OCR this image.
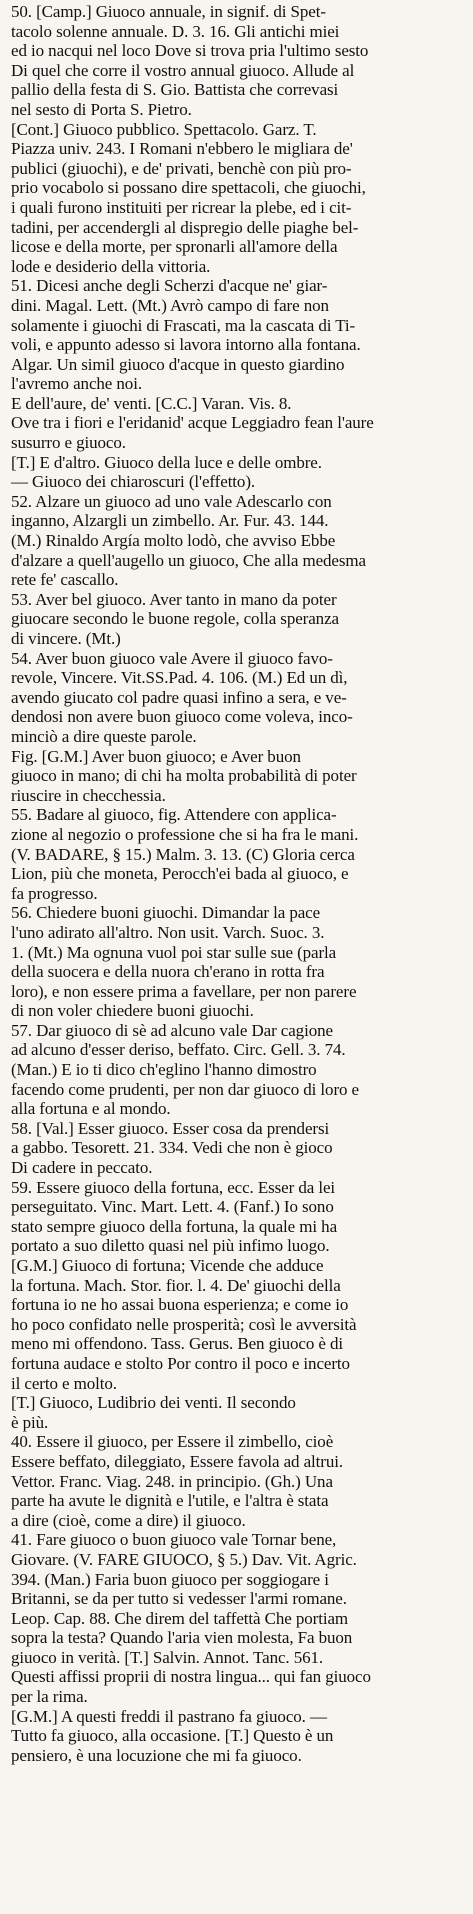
50. [Camp.] Giuoco annuale, in signif. di Spet-
tacolo solenne annuale. D. 3. 16. Gli antichi miei
ed io nacqui nel loco Dove si trova pria l'ultimo sesto
Di quel che corre il vostro annual giuoco. Allude al
pallio della festa di S. Gio. Battista che correvasi
nel sesto di Porta S. Pietro.
[Cont.] Giuoco pubblico. Spettacolo. Garz. T.
Piazza univ. 243. I Romani n'ebbero le migliara de'
publici (giuochi), e de' privati, benchè con più pro-
prio vocabolo si possano dire spettacoli, che giuochi,
i quali furono instituiti per ricrear la plebe, ed i cit-
tadini, per accendergli al dispregio delle piaghe bel-
licose e della morte, per spronarli all'amore della
lode e desiderio della vittoria.
51. Dicesi anche degli Scherzi d'acque ne' giar-
dini. Magal. Lett. (Mt.) Avrò campo di fare non
solamente i giuochi di Frascati, ma la cascata di Ti-
voli, e appunto adesso si lavora intorno alla fontana.
Algar. Un simil giuoco d'acque in questo giardino
l'avremo anche noi.
E dell'aure, de' venti. [C.C.] Varan. Vis. 8.
Ove tra i fiori e l'eridanid' acque Leggiadro fean l'aure
susurro e giuoco.
[T.] E d'altro. Giuoco della luce e delle ombre.
— Giuoco dei chiaroscuri (l'effetto).
52. Alzare un giuoco ad uno vale Adescarlo con
inganno, Alzargli un zimbello. Ar. Fur. 43. 144.
(M.) Rinaldo Argía molto lodò, che avviso Ebbe
d'alzare a quell'augello un giuoco, Che alla medesma
rete fe' cascallo.
53. Aver bel giuoco. Aver tanto in mano da poter
giuocare secondo le buone regole, colla speranza
di vincere. (Mt.)
54. Aver buon giuoco vale Avere il giuoco favo-
revole, Vincere. Vit.SS.Pad. 4. 106. (M.) Ed un dì,
avendo giucato col padre quasi infino a sera, e ve-
dendosi non avere buon giuoco come voleva, inco-
minciò a dire queste parole.
Fig. [G.M.] Aver buon giuoco; e Aver buon
giuoco in mano; di chi ha molta probabilità di poter
riuscire in checchessia.
55. Badare al giuoco, fig. Attendere con applica-
zione al negozio o professione che si ha fra le mani.
(V. BADARE, § 15.) Malm. 3. 13. (C) Gloria cerca
Lion, più che moneta, Perocch'ei bada al giuoco, e
fa progresso.
56. Chiedere buoni giuochi. Dimandar la pace
l'uno adirato all'altro. Non usit. Varch. Suoc. 3.
1. (Mt.) Ma ognuna vuol poi star sulle sue (parla
della suocera e della nuora ch'erano in rotta fra
loro), e non essere prima a favellare, per non parere
di non voler chiedere buoni giuochi.
57. Dar giuoco di sè ad alcuno vale Dar cagione
ad alcuno d'esser deriso, beffato. Circ. Gell. 3. 74.
(Man.) E io ti dico ch'eglino l'hanno dimostro
facendo come prudenti, per non dar giuoco di loro e
alla fortuna e al mondo.
58. [Val.] Esser giuoco. Esser cosa da prendersi
a gabbo. Tesorett. 21. 334. Vedi che non è gioco
Di cadere in peccato.
59. Essere giuoco della fortuna, ecc. Esser da lei
perseguitato. Vinc. Mart. Lett. 4. (Fanf.) Io sono
stato sempre giuoco della fortuna, la quale mi ha
portato a suo diletto quasi nel più infimo luogo.
[G.M.] Giuoco di fortuna; Vicende che adduce
la fortuna. Mach. Stor. fior. l. 4. De' giuochi della
fortuna io ne ho assai buona esperienza; e come io
ho poco confidato nelle prosperità; così le avversità
meno mi offendono. Tass. Gerus. Ben giuoco è di
fortuna audace e stolto Por contro il poco e incerto
il certo e molto.
[T.] Giuoco, Ludibrio dei venti. Il secondo
è più.
40. Essere il giuoco, per Essere il zimbello, cioè
Essere beffato, dileggiato, Essere favola ad altrui.
Vettor. Franc. Viag. 248. in principio. (Gh.) Una
parte ha avute le dignità e l'utile, e l'altra è stata
a dire (cioè, come a dire) il giuoco.
41. Fare giuoco o buon giuoco vale Tornar bene,
Giovare. (V. FARE GIUOCO, § 5.) Dav. Vit. Agric.
394. (Man.) Faria buon giuoco per soggiogare i
Britanni, se da per tutto si vedesser l'armi romane.
Leop. Cap. 88. Che direm del taffettà Che portiam
sopra la testa? Quando l'aria vien molesta, Fa buon
giuoco in verità. [T.] Salvin. Annot. Tanc. 561.
Questi affissi proprii di nostra lingua... qui fan giuoco
per la rima.
[G.M.] A questi freddi il pastrano fa giuoco. —
Tutto fa giuoco, alla occasione. [T.] Questo è un
pensiero, è una locuzione che mi fa giuoco.
